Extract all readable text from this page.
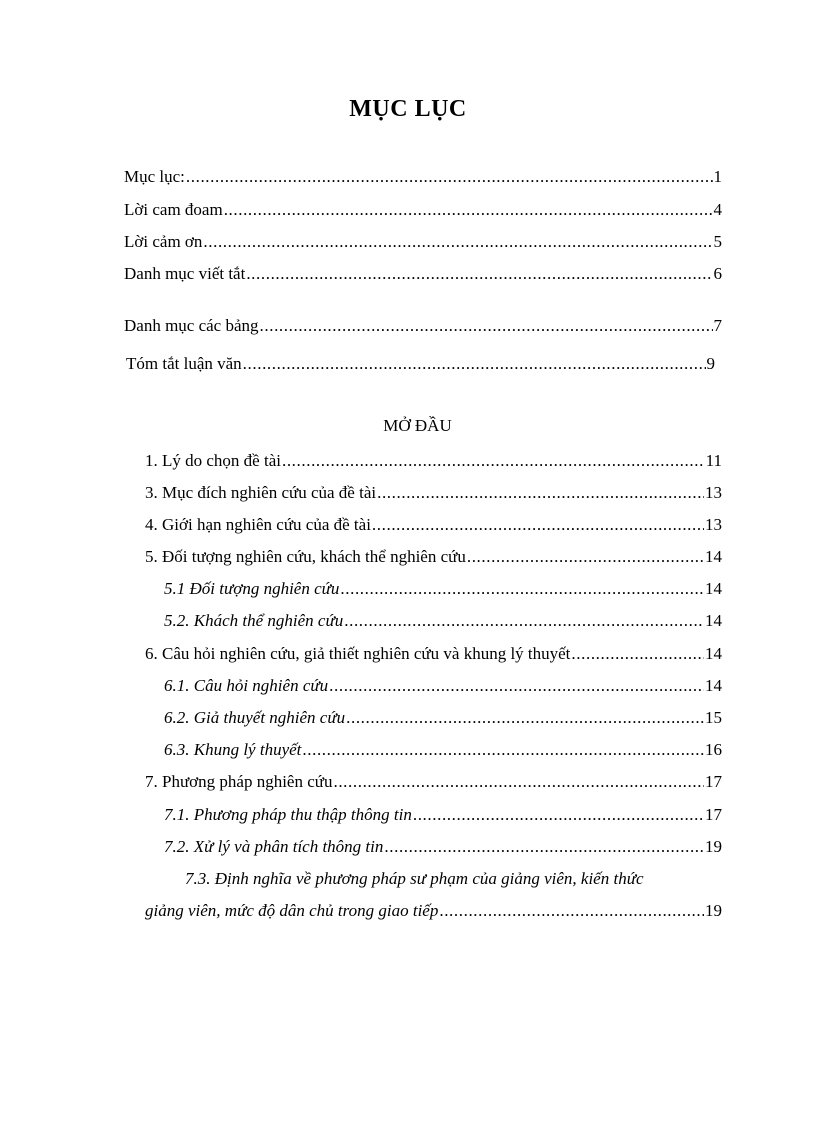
MỤC LỤC
Mục lục: .....	1
Lời cam đoam .....	4
Lời cảm ơn .....	5
Danh mục viết tắt .....	6
Danh mục các bảng .....	7
Tóm tắt luận văn .....	9
MỞ ĐẦU
1. Lý do chọn đề tài .....	11
3. Mục đích nghiên cứu của đề tài .....	13
4. Giới hạn nghiên cứu của đề tài .....	13
5. Đối tượng nghiên cứu, khách thể nghiên cứu .....	14
5.1 Đối tượng nghiên cứu .....	14
5.2. Khách thể nghiên cứu .....	14
6. Câu hỏi nghiên cứu, giả thiết nghiên cứu và khung lý thuyết .....	14
6.1. Câu hỏi nghiên cứu .....	14
6.2. Giả thuyết nghiên cứu .....	15
6.3. Khung lý thuyết .....	16
7. Phương pháp nghiên cứu .....	17
7.1. Phương pháp thu thập thông tin .....	17
7.2. Xử lý và phân tích thông tin .....	19
7.3. Định nghĩa về phương pháp sư phạm của giảng viên, kiến thức
giảng viên, mức độ dân chủ trong giao tiếp .....	19
